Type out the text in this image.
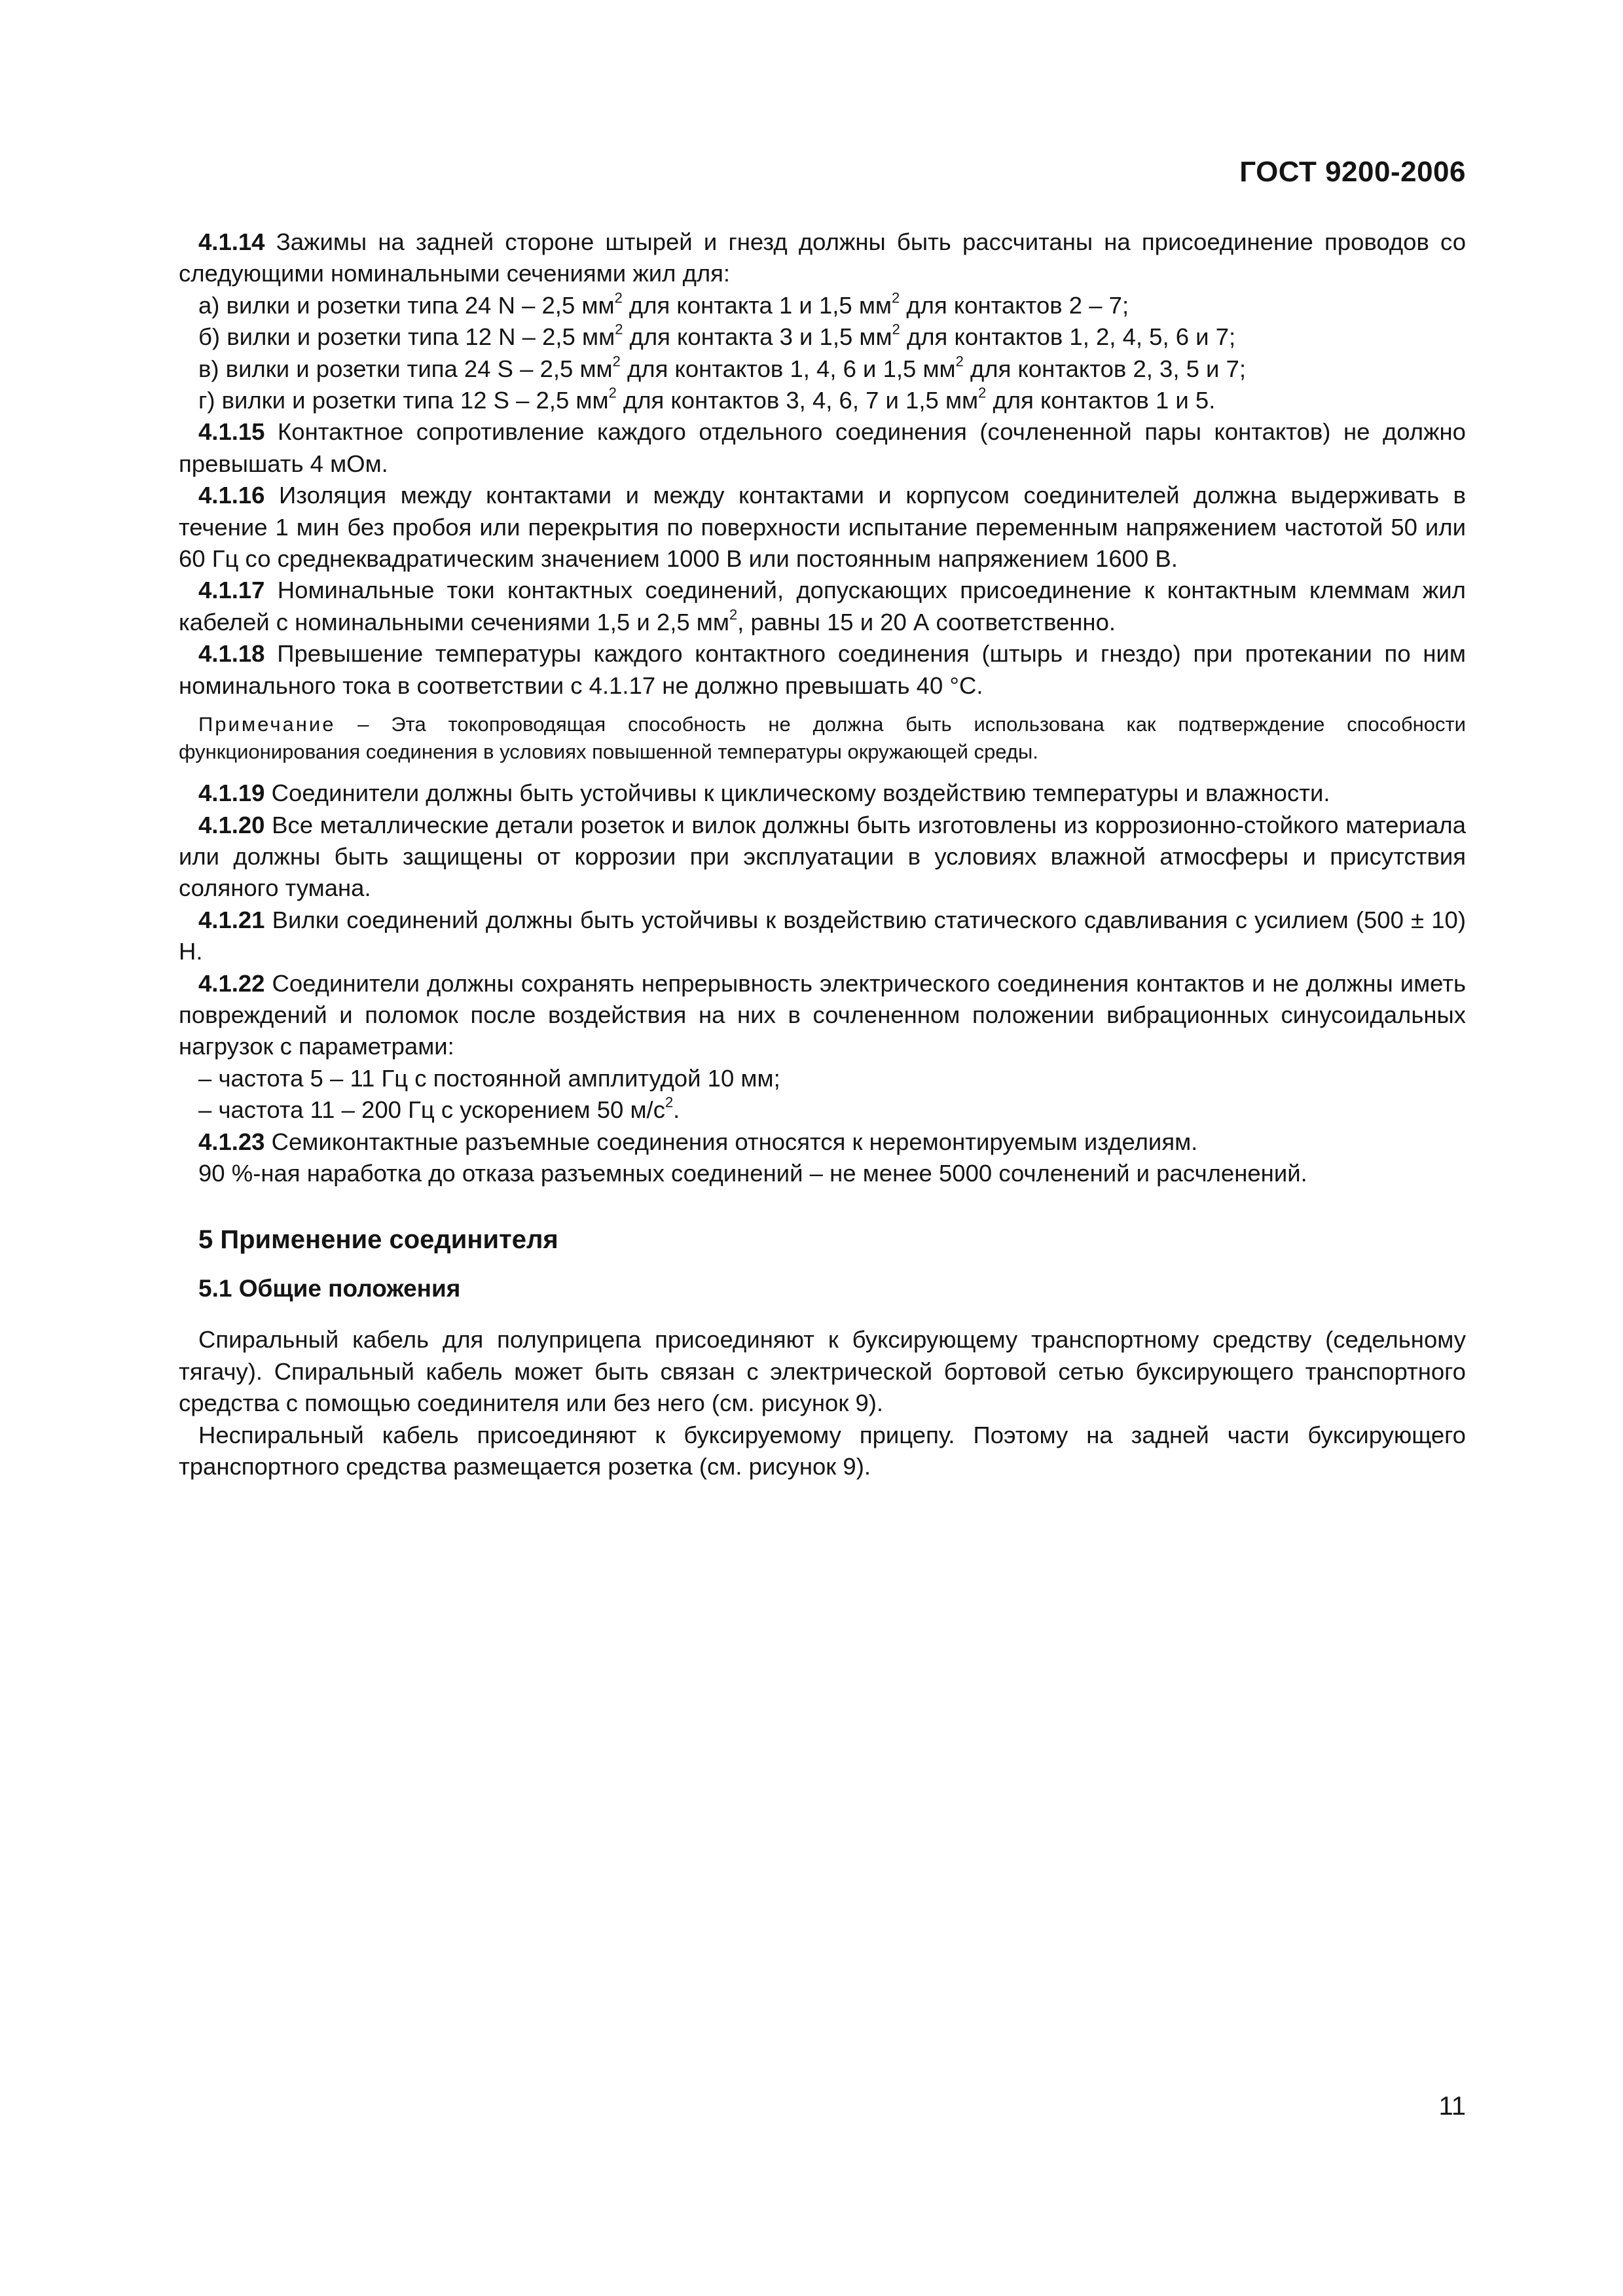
ГОСТ 9200-2006

4.1.14 Зажимы на задней стороне штырей и гнезд должны быть рассчитаны на присоединение проводов со следующими номинальными сечениями жил для:

а) вилки и розетки типа 24 N – 2,5 $мм^2$ для контакта 1 и 1,5 $мм^2$ для контактов 2 – 7;

б) вилки и розетки типа 12 N – 2,5 $мм^2$ для контакта 3 и 1,5 $мм^2$ для контактов 1, 2, 4, 5, 6 и 7;

в) вилки и розетки типа 24 S – 2,5 $мм^2$ для контактов 1, 4, 6 и 1,5 $мм^2$ для контактов 2, 3, 5 и 7;

г) вилки и розетки типа 12 S – 2,5 $мм^2$ для контактов 3, 4, 6, 7 и 1,5 $мм^2$ для контактов 1 и 5.

4.1.15 Контактное сопротивление каждого отдельного соединения (сочлененной пары контактов) не должно превышать 4 мОм.

4.1.16 Изоляция между контактами и между контактами и корпусом соединителей должна выдерживать в течение 1 мин без пробоя или перекрытия по поверхности испытание переменным напряжением частотой 50 или 60 Гц со среднеквадратическим значением 1000 В или постоянным напряжением 1600 В.

4.1.17 Номинальные токи контактных соединений, допускающих присоединение к контактным клеммам жил кабелей с номинальными сечениями 1,5 и 2,5 $мм^2$, равны 15 и 20 А соответственно.

4.1.18 Превышение температуры каждого контактного соединения (штырь и гнездо) при протекании по ним номинального тока в соответствии с 4.1.17 не должно превышать 40 °С.

Примечание – Эта токопроводящая способность не должна быть использована как подтверждение способности функционирования соединения в условиях повышенной температуры окружающей среды.

4.1.19 Соединители должны быть устойчивы к циклическому воздействию температуры и влажности.

4.1.20 Все металлические детали розеток и вилок должны быть изготовлены из коррозионно-стойкого материала или должны быть защищены от коррозии при эксплуатации в условиях влажной атмосферы и присутствия соляного тумана.

4.1.21 Вилки соединений должны быть устойчивы к воздействию статического сдавливания с усилием (500 ± 10) Н.

4.1.22 Соединители должны сохранять непрерывность электрического соединения контактов и не должны иметь повреждений и поломок после воздействия на них в сочлененном положении вибрационных синусоидальных нагрузок с параметрами:

– частота 5 – 11 Гц с постоянной амплитудой 10 мм;

– частота 11 – 200 Гц с ускорением 50 $м/с^2$.

4.1.23 Семиконтактные разъемные соединения относятся к неремонтируемым изделиям.

90 %-ная наработка до отказа разъемных соединений – не менее 5000 сочленений и расчленений.

5 Применение соединителя
5.1 Общие положения

Спиральный кабель для полуприцепа присоединяют к буксирующему транспортному средству (седельному тягачу). Спиральный кабель может быть связан с электрической бортовой сетью буксирующего транспортного средства с помощью соединителя или без него (см. рисунок 9).

Неспиральный кабель присоединяют к буксируемому прицепу. Поэтому на задней части буксирующего транспортного средства размещается розетка (см. рисунок 9).

11
